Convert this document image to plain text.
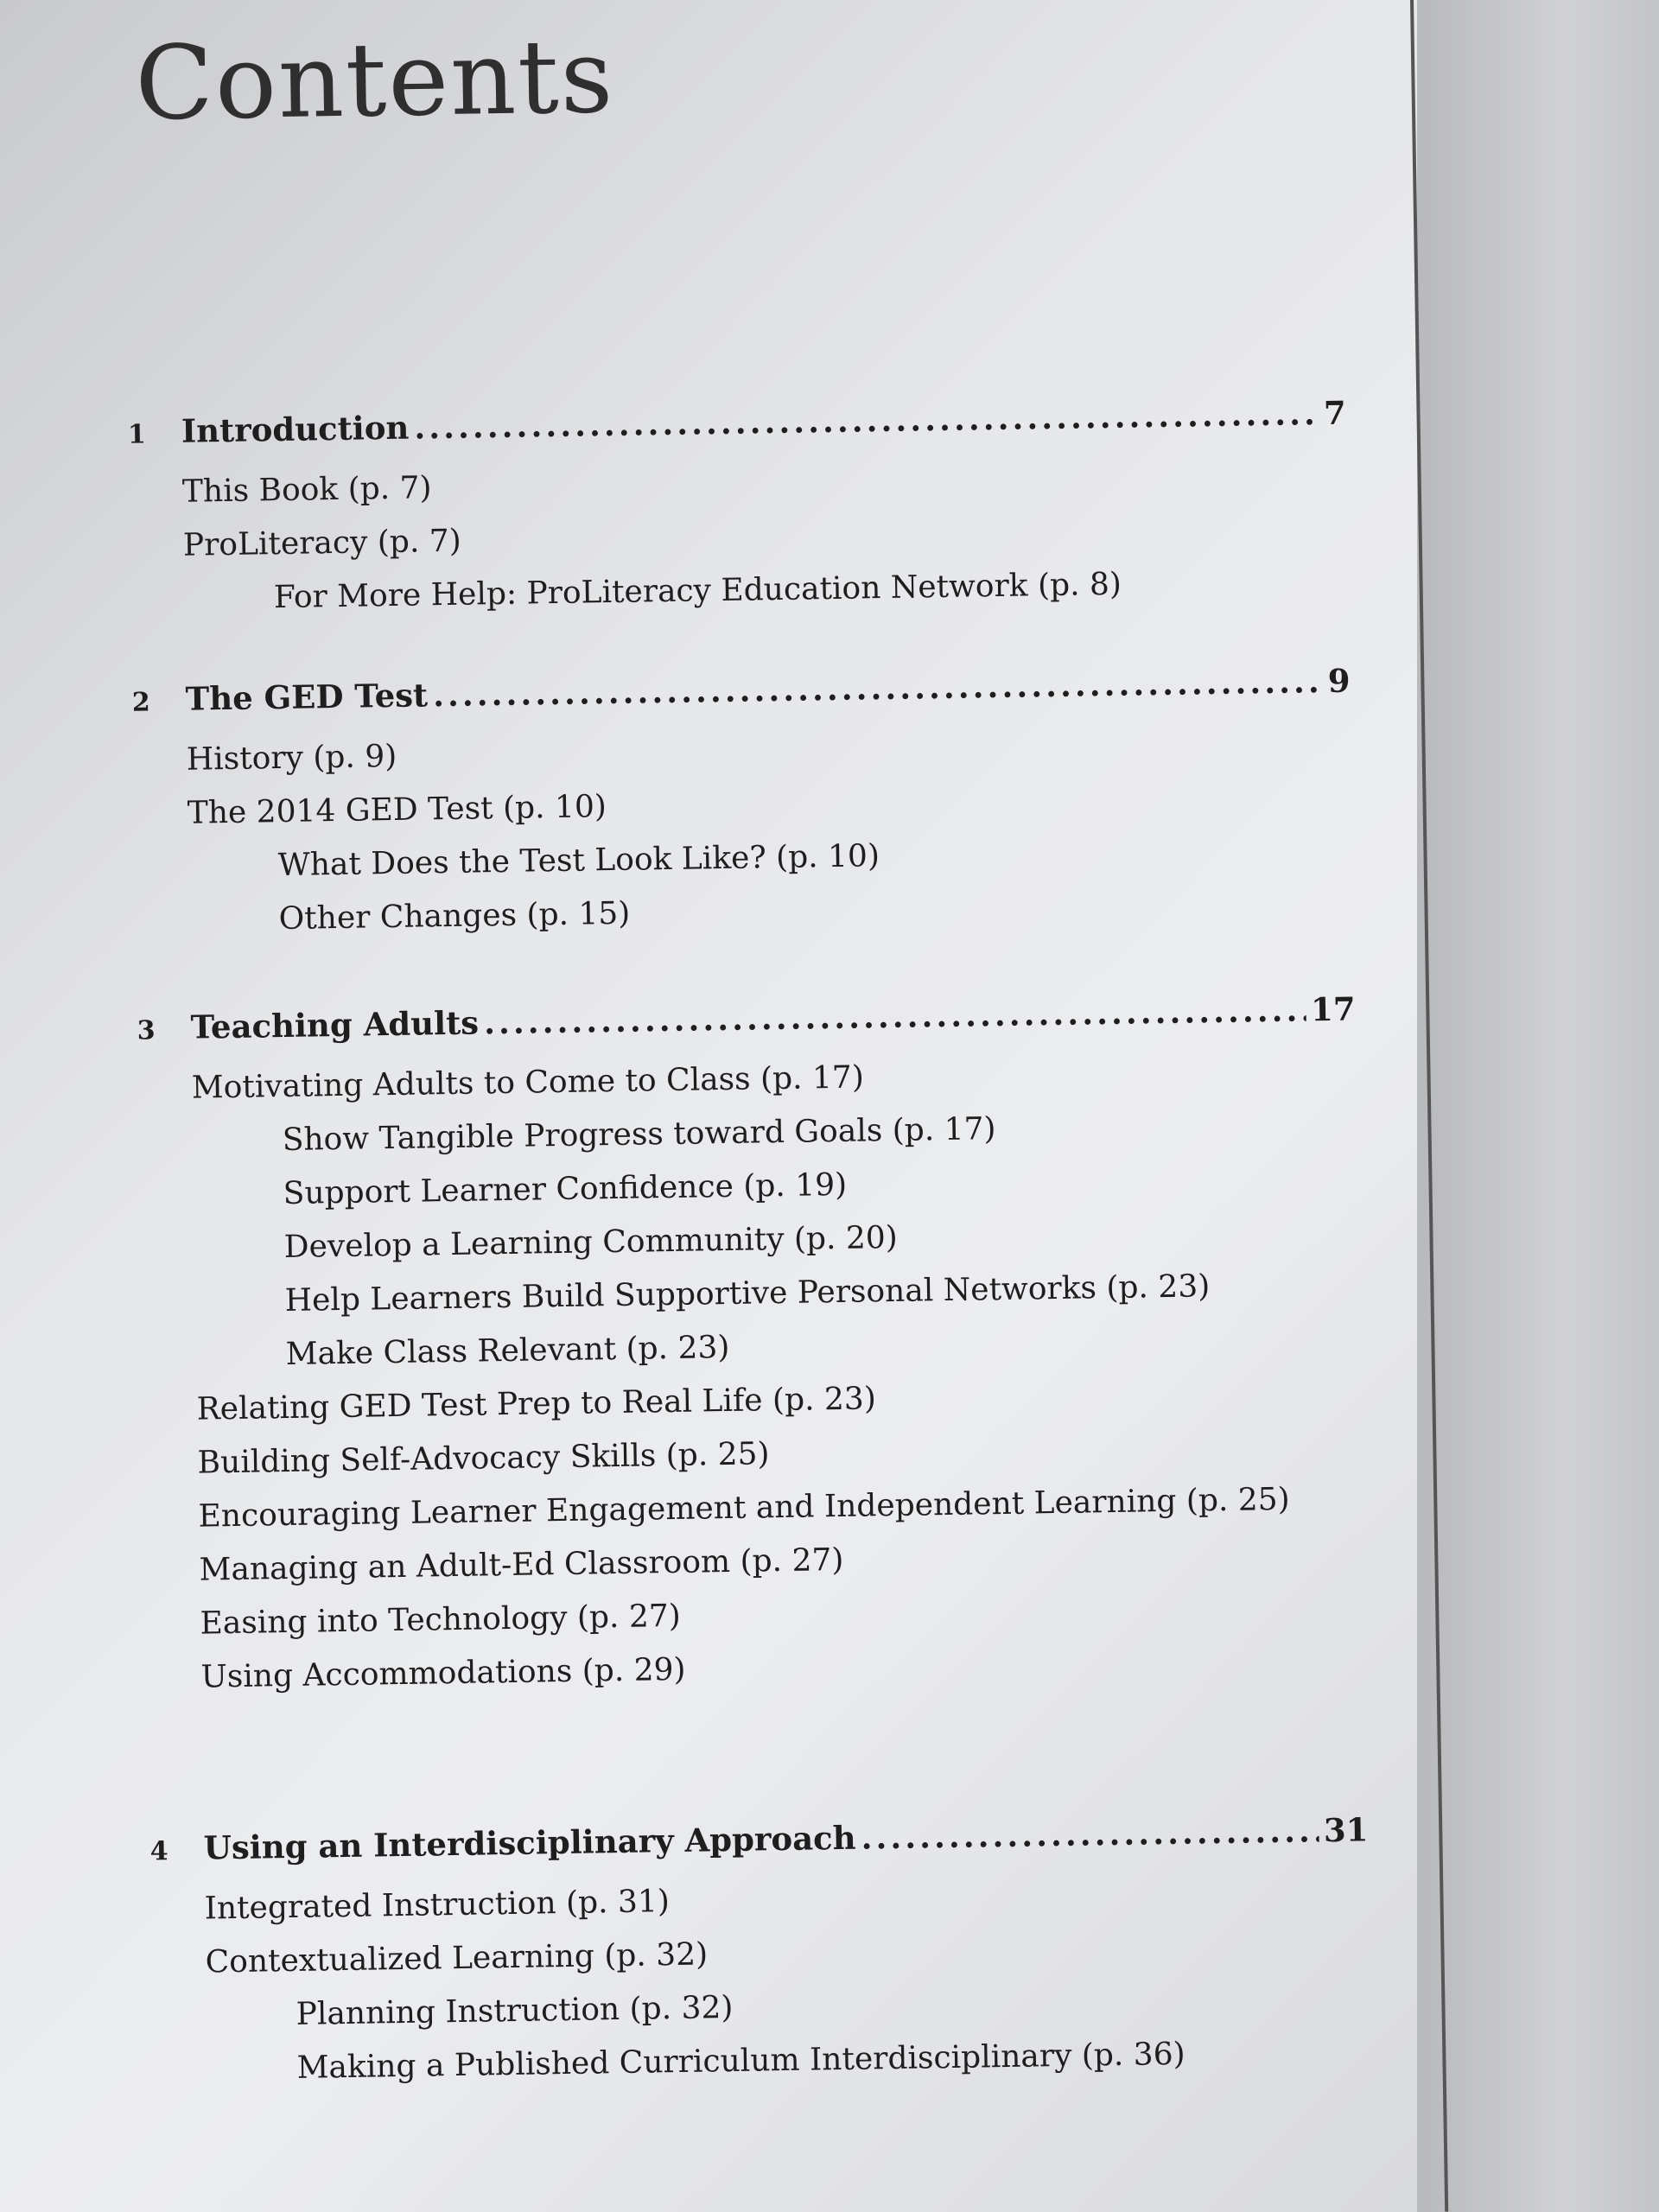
Contents
1	Introduction .....	7
This Book (p. 7)
ProLiteracy (p. 7)
For More Help: ProLiteracy Education Network (p. 8)
2	The GED Test .....	9
History (p. 9)
The 2014 GED Test (p. 10)
What Does the Test Look Like? (p. 10)
Other Changes (p. 15)
3	Teaching Adults .....	17
Motivating Adults to Come to Class (p. 17)
Show Tangible Progress toward Goals (p. 17)
Support Learner Confidence (p. 19)
Develop a Learning Community (p. 20)
Help Learners Build Supportive Personal Networks (p. 23)
Make Class Relevant (p. 23)
Relating GED Test Prep to Real Life (p. 23)
Building Self-Advocacy Skills (p. 25)
Encouraging Learner Engagement and Independent Learning (p. 25)
Managing an Adult-Ed Classroom (p. 27)
Easing into Technology (p. 27)
Using Accommodations (p. 29)
4	Using an Interdisciplinary Approach .....	31
Integrated Instruction (p. 31)
Contextualized Learning (p. 32)
Planning Instruction (p. 32)
Making a Published Curriculum Interdisciplinary (p. 36)
